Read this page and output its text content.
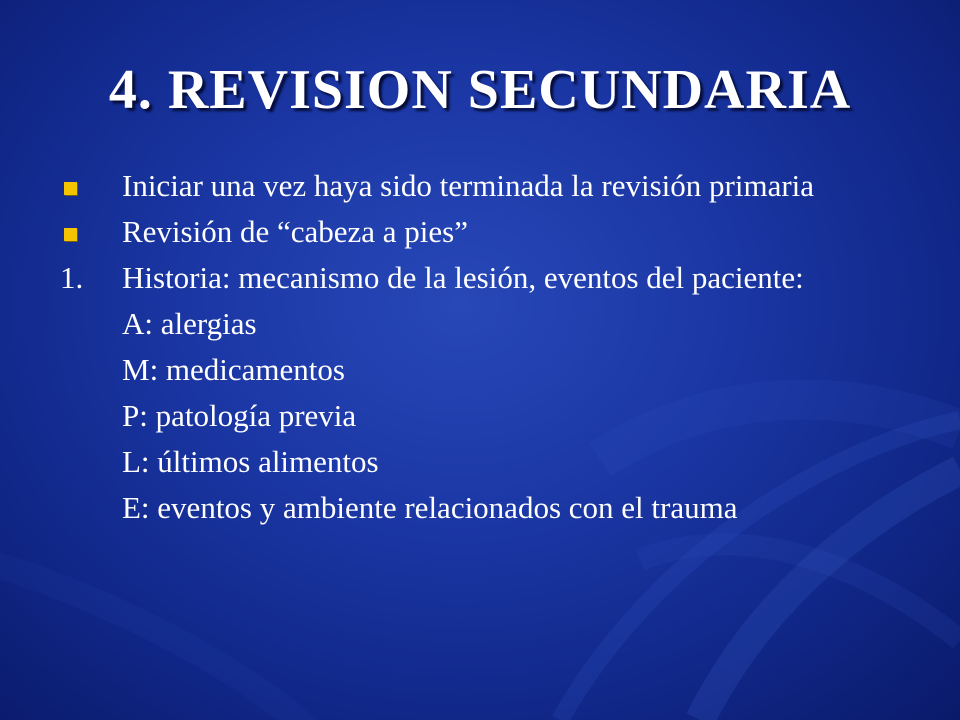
4. REVISION SECUNDARIA
Iniciar una vez haya sido terminada la revisión primaria
Revisión de “cabeza a pies”
1. Historia: mecanismo de la lesión, eventos del paciente:
A: alergias
M: medicamentos
P: patología previa
L: últimos alimentos
E: eventos y ambiente relacionados con el trauma
